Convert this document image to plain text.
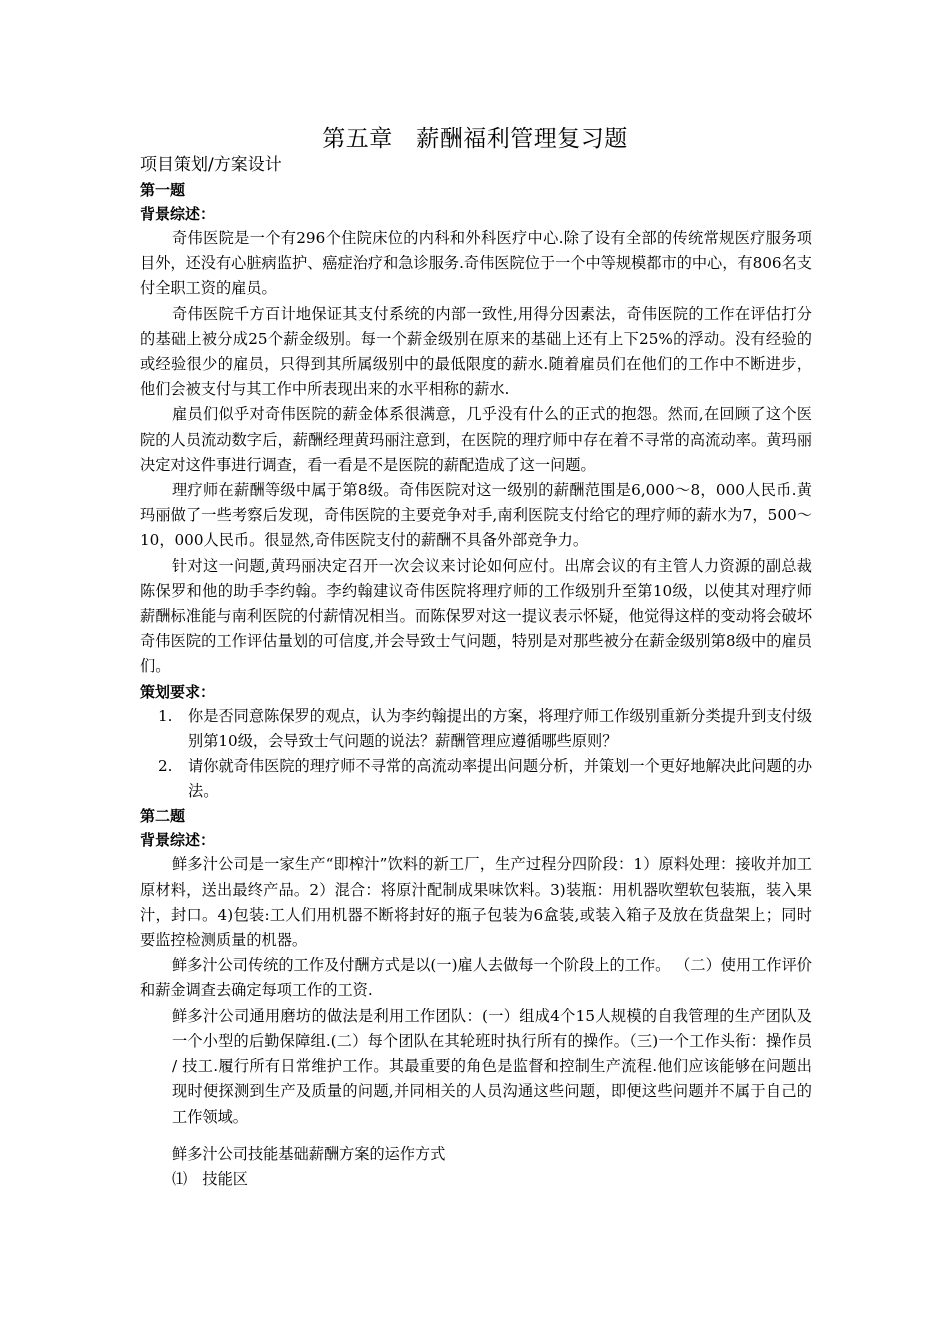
第五章　薪酬福利管理复习题
项目策划/方案设计
第一题
背景综述：

奇伟医院是一个有296个住院床位的内科和外科医疗中心.除了设有全部的传统常规医疗服务项目外，还没有心脏病监护、癌症治疗和急诊服务.奇伟医院位于一个中等规模都市的中心，有806名支付全职工资的雇员。

奇伟医院千方百计地保证其支付系统的内部一致性,用得分因素法，奇伟医院的工作在评估打分的基础上被分成25个薪金级别。每一个薪金级别在原来的基础上还有上下25%的浮动。没有经验的或经验很少的雇员，只得到其所属级别中的最低限度的薪水.随着雇员们在他们的工作中不断进步，他们会被支付与其工作中所表现出来的水平相称的薪水.

雇员们似乎对奇伟医院的薪金体系很满意，几乎没有什么的正式的抱怨。然而,在回顾了这个医院的人员流动数字后，薪酬经理黄玛丽注意到，在医院的理疗师中存在着不寻常的高流动率。黄玛丽决定对这件事进行调查，看一看是不是医院的薪配造成了这一问题。

理疗师在薪酬等级中属于第8级。奇伟医院对这一级别的薪酬范围是6,000～8，000人民币.黄玛丽做了一些考察后发现，奇伟医院的主要竞争对手,南利医院支付给它的理疗师的薪水为7，500～10，000人民币。很显然,奇伟医院支付的薪酬不具备外部竞争力。

针对这一问题,黄玛丽决定召开一次会议来讨论如何应付。出席会议的有主管人力资源的副总裁陈保罗和他的助手李约翰。李约翰建议奇伟医院将理疗师的工作级别升至第10级，以使其对理疗师薪酬标准能与南利医院的付薪情况相当。而陈保罗对这一提议表示怀疑，他觉得这样的变动将会破坏奇伟医院的工作评估量划的可信度,并会导致士气问题，特别是对那些被分在薪金级别第8级中的雇员们。

策划要求：
1. 你是否同意陈保罗的观点，认为李约翰提出的方案，将理疗师工作级别重新分类提升到支付级别第10级，会导致士气问题的说法？薪酬管理应遵循哪些原则？
2. 请你就奇伟医院的理疗师不寻常的高流动率提出问题分析，并策划一个更好地解决此问题的办法。
第二题
背景综述：

鲜多汁公司是一家生产“即榨汁”饮料的新工厂，生产过程分四阶段：1）原料处理：接收并加工原材料，送出最终产品。2）混合：将原汁配制成果味饮料。3)装瓶：用机器吹塑软包装瓶，装入果汁，封口。4)包装:工人们用机器不断将封好的瓶子包装为6盒装,或装入箱子及放在货盘架上；同时要监控检测质量的机器。

鲜多汁公司传统的工作及付酬方式是以(一)雇人去做每一个阶段上的工作。 （二）使用工作评价和薪金调查去确定每项工作的工资.

鲜多汁公司通用磨坊的做法是利用工作团队：(一）组成4个15人规模的自我管理的生产团队及一个小型的后勤保障组.(二）每个团队在其轮班时执行所有的操作。（三)一个工作头衔：操作员 / 技工.履行所有日常维护工作。其最重要的角色是监督和控制生产流程.他们应该能够在问题出现时便探测到生产及质量的问题,并同相关的人员沟通这些问题，即便这些问题并不属于自己的工作领域。

鲜多汁公司技能基础薪酬方案的运作方式

⑴　技能区
